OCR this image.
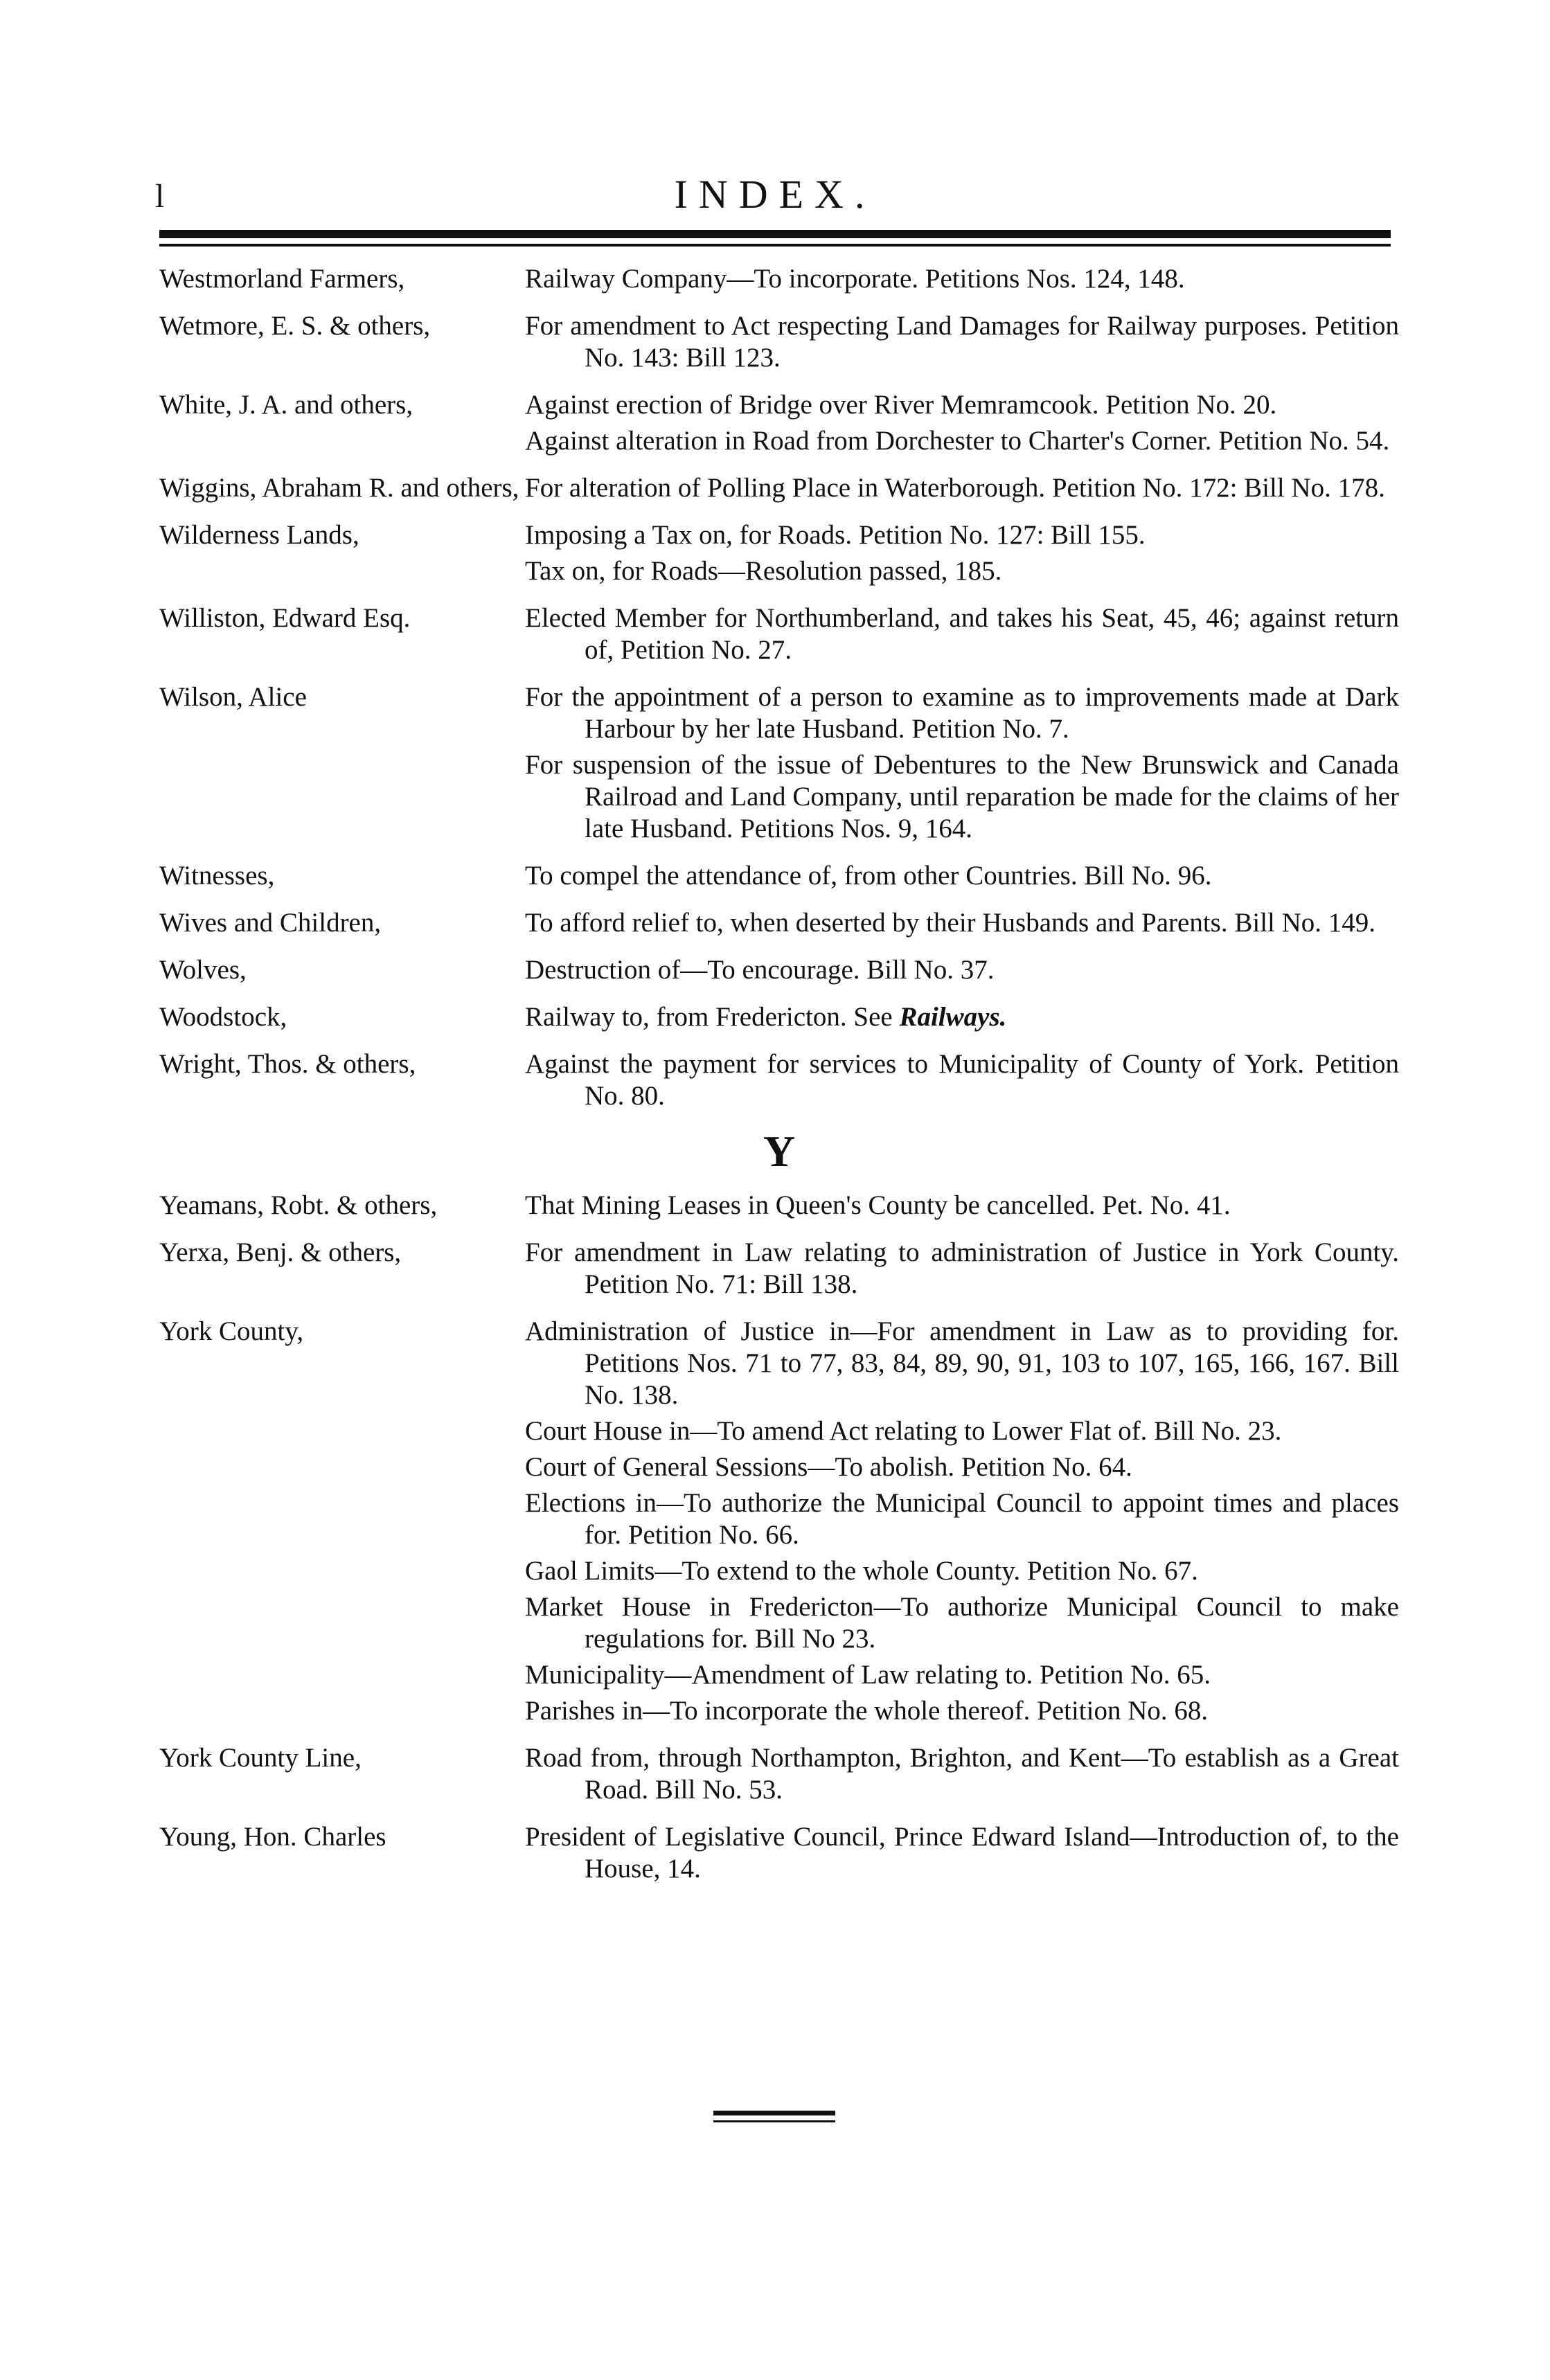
l	INDEX.
Westmorland Farmers,	Railway Company—To incorporate. Petitions Nos. 124, 148.
Wetmore, E. S. & others,	For amendment to Act respecting Land Damages for Railway purposes. Petition No. 143: Bill 123.
White, J. A. and others,	Against erection of Bridge over River Memramcook. Petition No. 20.
Against alteration in Road from Dorchester to Charter's Corner. Petition No. 54.
Wiggins, Abraham R. and others, For alteration of Polling Place in Waterborough. Petition No. 172: Bill No. 178.
Wilderness Lands,	Imposing a Tax on, for Roads. Petition No. 127: Bill 155.
Tax on, for Roads—Resolution passed, 185.
Williston, Edward Esq.	Elected Member for Northumberland, and takes his Seat, 45, 46; against return of, Petition No. 27.
Wilson, Alice	For the appointment of a person to examine as to improvements made at Dark Harbour by her late Husband. Petition No. 7.
For suspension of the issue of Debentures to the New Brunswick and Canada Railroad and Land Company, until reparation be made for the claims of her late Husband. Petitions Nos. 9, 164.
Witnesses,	To compel the attendance of, from other Countries. Bill No. 96.
Wives and Children,	To afford relief to, when deserted by their Husbands and Parents. Bill No. 149.
Wolves,	Destruction of—To encourage. Bill No. 37.
Woodstock,	Railway to, from Fredericton. See Railways.
Wright, Thos. & others,	Against the payment for services to Municipality of County of York. Petition No. 80.
Y
Yeamans, Robt. & others,	That Mining Leases in Queen's County be cancelled. Pet. No. 41.
Yerxa, Benj. & others,	For amendment in Law relating to administration of Justice in York County. Petition No. 71: Bill 138.
York County,	Administration of Justice in—For amendment in Law as to providing for. Petitions Nos. 71 to 77, 83, 84, 89, 90, 91, 103 to 107, 165, 166, 167. Bill No. 138.
Court House in—To amend Act relating to Lower Flat of. Bill No. 23.
Court of General Sessions—To abolish. Petition No. 64.
Elections in—To authorize the Municipal Council to appoint times and places for. Petition No. 66.
Gaol Limits—To extend to the whole County. Petition No. 67.
Market House in Fredericton—To authorize Municipal Council to make regulations for. Bill No 23.
Municipality—Amendment of Law relating to. Petition No. 65.
Parishes in—To incorporate the whole thereof. Petition No. 68.
York County Line,	Road from, through Northampton, Brighton, and Kent—To establish as a Great Road. Bill No. 53.
Young, Hon. Charles	President of Legislative Council, Prince Edward Island—Introduction of, to the House, 14.
